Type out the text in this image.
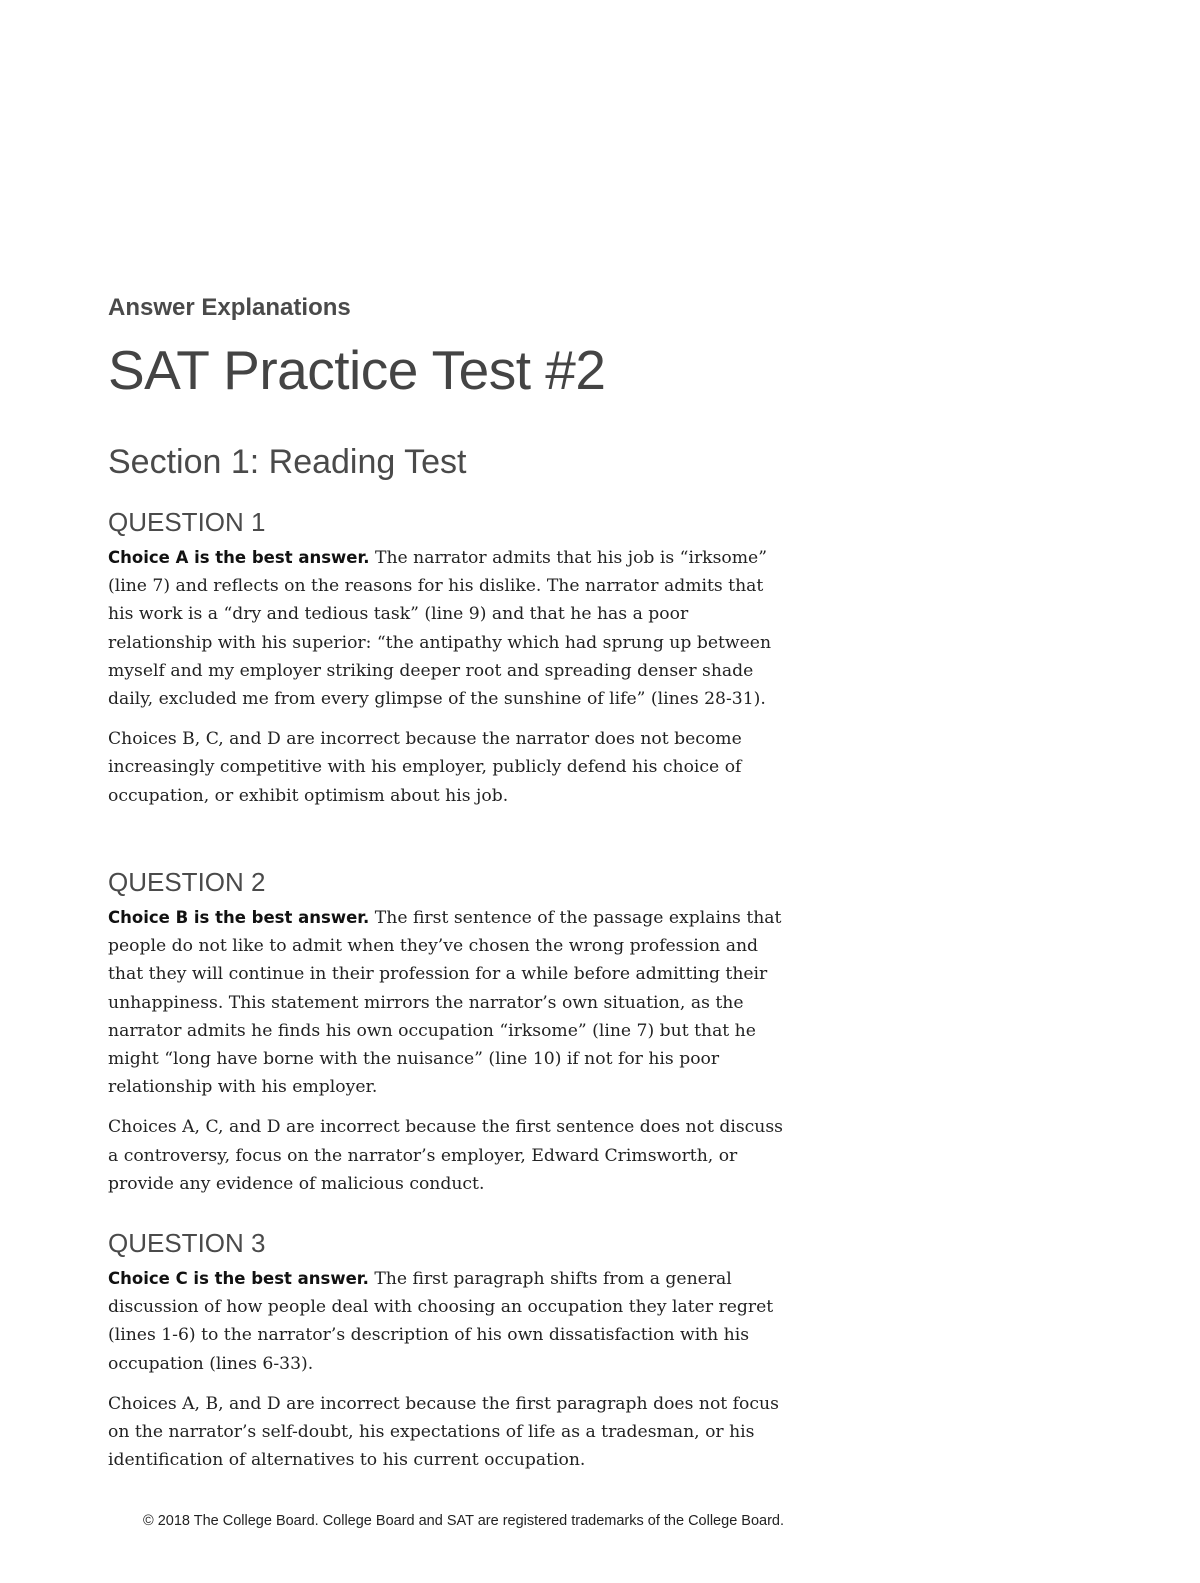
Answer Explanations
SAT Practice Test #2
Section 1: Reading Test
QUESTION 1

Choice A is the best answer. The narrator admits that his job is “irksome” (line 7) and reflects on the reasons for his dislike. The narrator admits that his work is a “dry and tedious task” (line 9) and that he has a poor relationship with his superior: “the antipathy which had sprung up between myself and my employer striking deeper root and spreading denser shade daily, excluded me from every glimpse of the sunshine of life” (lines 28-31).

Choices B, C, and D are incorrect because the narrator does not become increasingly competitive with his employer, publicly defend his choice of occupation, or exhibit optimism about his job.

QUESTION 2

Choice B is the best answer. The first sentence of the passage explains that people do not like to admit when they’ve chosen the wrong profession and that they will continue in their profession for a while before admitting their unhappiness. This statement mirrors the narrator’s own situation, as the narrator admits he finds his own occupation “irksome” (line 7) but that he might “long have borne with the nuisance” (line 10) if not for his poor relationship with his employer.

Choices A, C, and D are incorrect because the first sentence does not discuss a controversy, focus on the narrator’s employer, Edward Crimsworth, or provide any evidence of malicious conduct.

QUESTION 3

Choice C is the best answer. The first paragraph shifts from a general discussion of how people deal with choosing an occupation they later regret (lines 1-6) to the narrator’s description of his own dissatisfaction with his occupation (lines 6-33).

Choices A, B, and D are incorrect because the first paragraph does not focus on the narrator’s self-doubt, his expectations of life as a tradesman, or his identification of alternatives to his current occupation.

© 2018 The College Board. College Board and SAT are registered trademarks of the College Board.
